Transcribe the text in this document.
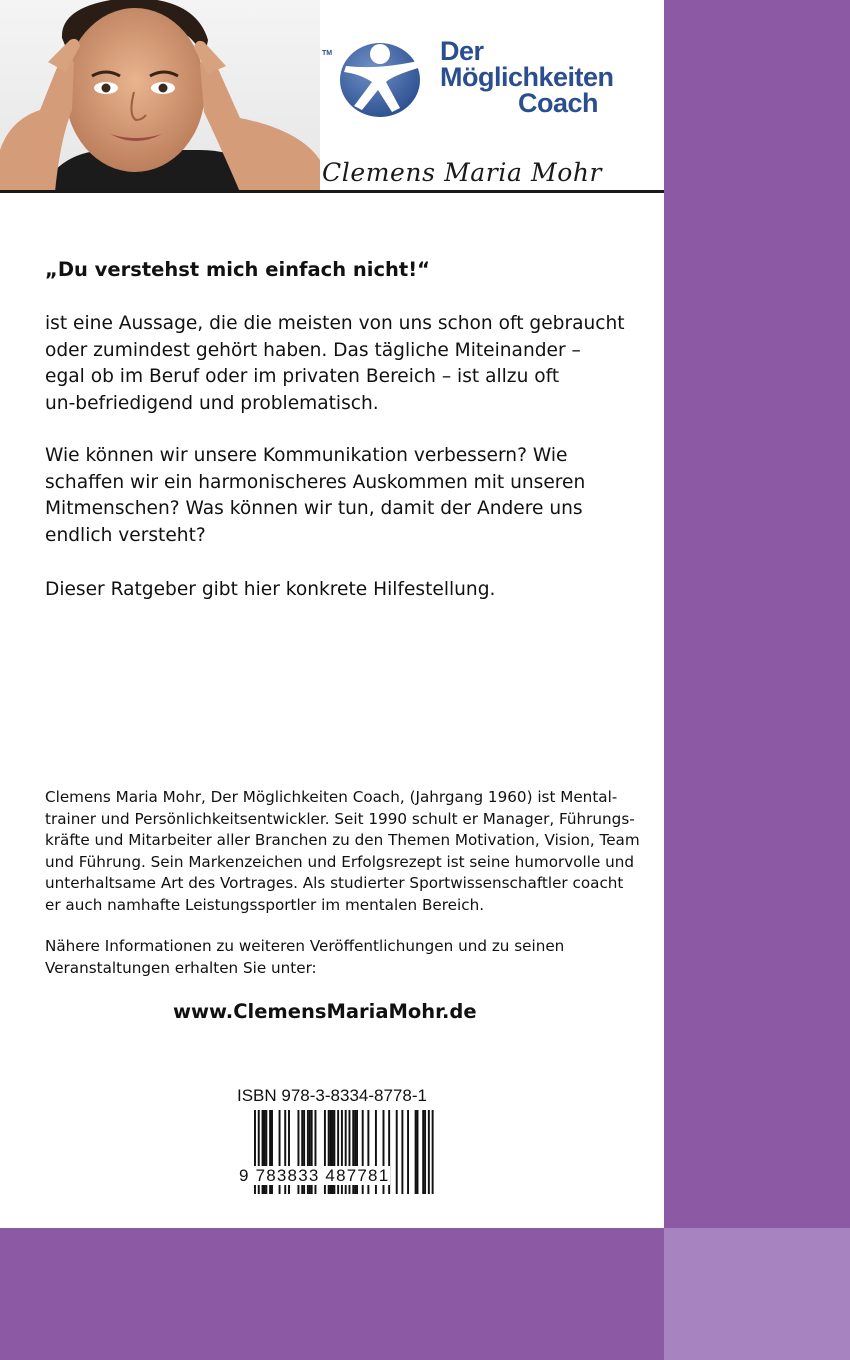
TM	Der
Möglichkeiten
Coach
Clemens Maria Mohr
„Du verstehst mich einfach nicht!“

ist eine Aussage, die die meisten von uns schon oft gebraucht
oder zumindest gehört haben. Das tägliche Miteinander –
egal ob im Beruf oder im privaten Bereich – ist allzu oft
un-befriedigend und problematisch.

Wie können wir unsere Kommunikation verbessern? Wie
schaffen wir ein harmonischeres Auskommen mit unseren
Mitmenschen? Was können wir tun, damit der Andere uns
endlich versteht?

Dieser Ratgeber gibt hier konkrete Hilfestellung.

Clemens Maria Mohr, Der Möglichkeiten Coach, (Jahrgang 1960) ist Mental-
trainer und Persönlichkeitsentwickler. Seit 1990 schult er Manager, Führungs-
kräfte und Mitarbeiter aller Branchen zu den Themen Motivation, Vision, Team
und Führung. Sein Markenzeichen und Erfolgsrezept ist seine humorvolle und
unterhaltsame Art des Vortrages. Als studierter Sportwissenschaftler coacht
er auch namhafte Leistungssportler im mentalen Bereich.

Nähere Informationen zu weiteren Veröffentlichungen und zu seinen
Veranstaltungen erhalten Sie unter:

www.ClemensMariaMohr.de
ISBN 978-3-8334-8778-1
9 783833 487781
